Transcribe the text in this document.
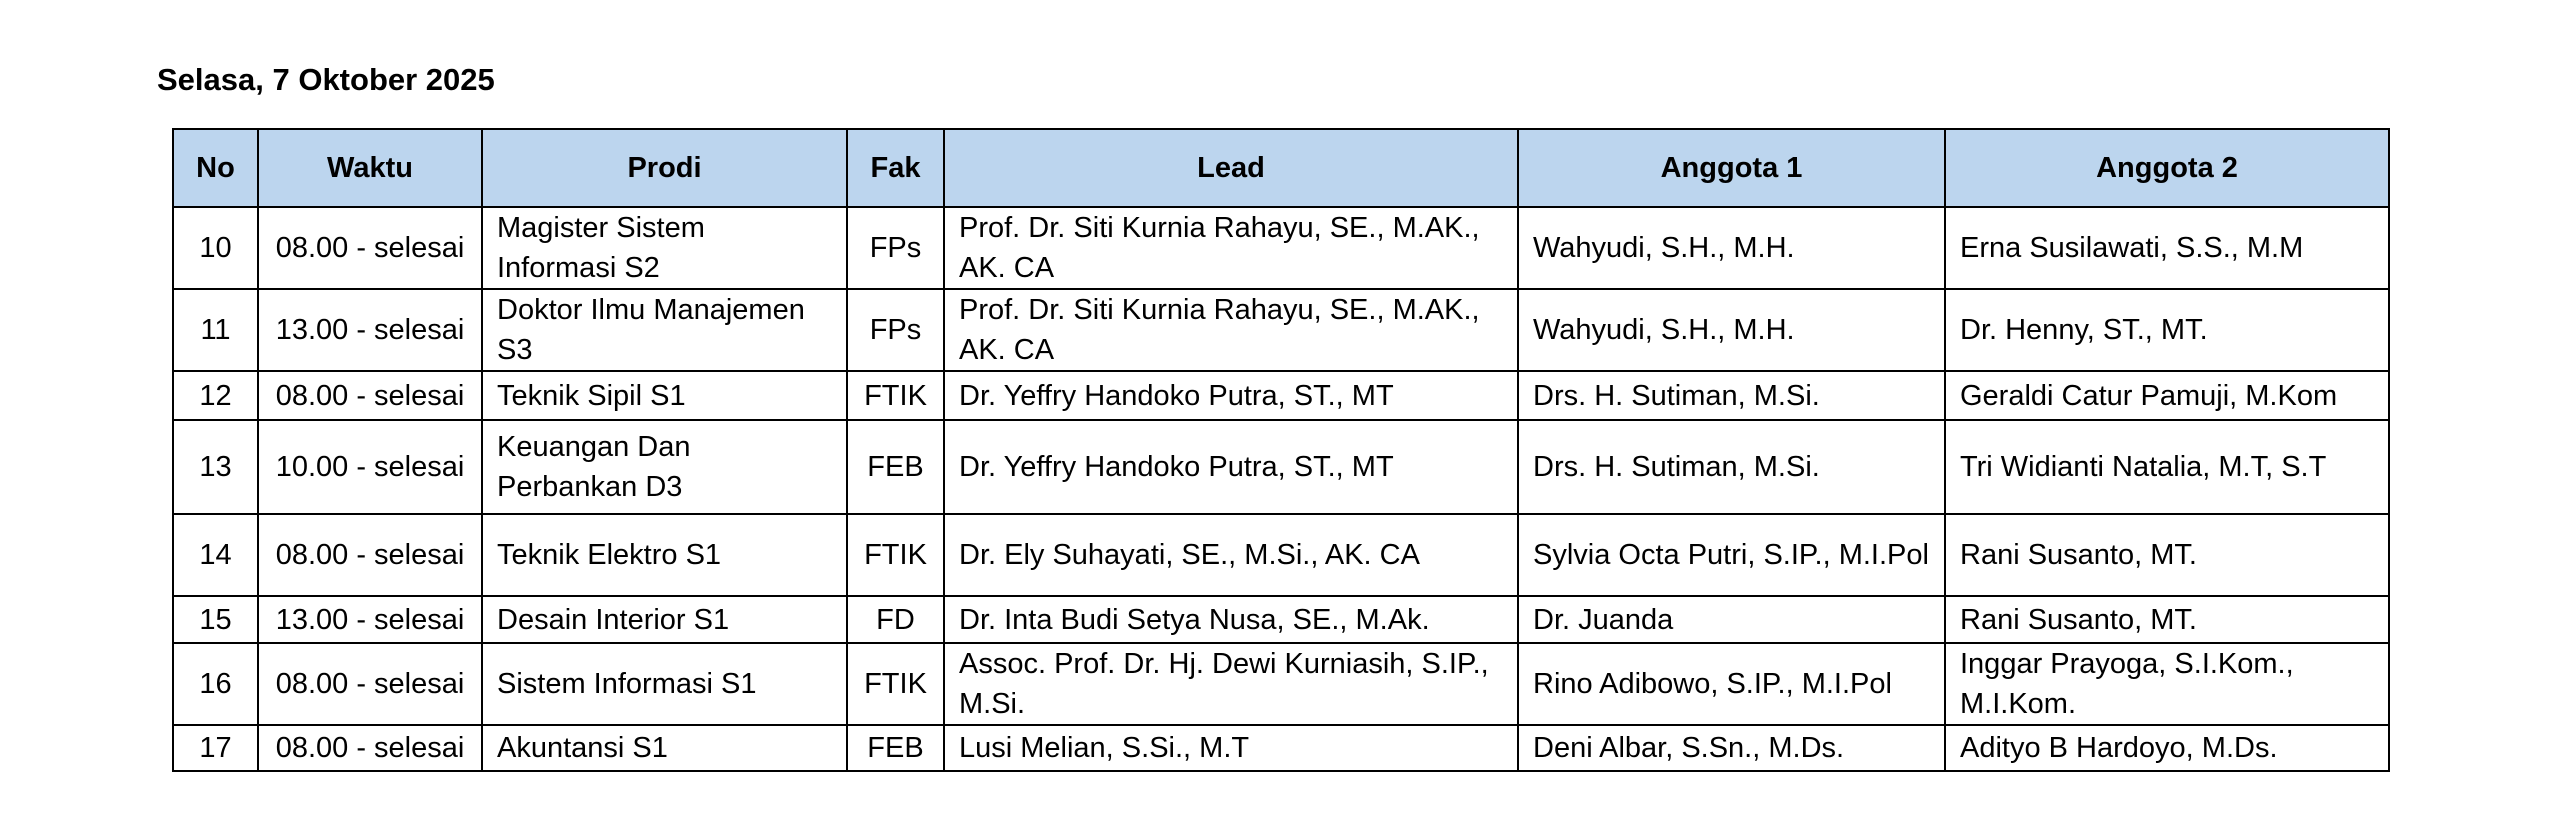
Selasa, 7 Oktober 2025
No	Waktu	Prodi	Fak	Lead	Anggota 1	Anggota 2
10	08.00 - selesai	Magister Sistem Informasi S2	FPs	Prof. Dr. Siti Kurnia Rahayu, SE., M.AK., AK. CA	Wahyudi, S.H., M.H.	Erna Susilawati, S.S., M.M
11	13.00 - selesai	Doktor Ilmu Manajemen S3	FPs	Prof. Dr. Siti Kurnia Rahayu, SE., M.AK., AK. CA	Wahyudi, S.H., M.H.	Dr. Henny, ST., MT.
12	08.00 - selesai	Teknik Sipil S1	FTIK	Dr. Yeffry Handoko Putra, ST., MT	Drs. H. Sutiman, M.Si.	Geraldi Catur Pamuji, M.Kom
13	10.00 - selesai	Keuangan Dan Perbankan D3	FEB	Dr. Yeffry Handoko Putra, ST., MT	Drs. H. Sutiman, M.Si.	Tri Widianti Natalia, M.T, S.T
14	08.00 - selesai	Teknik Elektro S1	FTIK	Dr. Ely Suhayati, SE., M.Si., AK. CA	Sylvia Octa Putri, S.IP., M.I.Pol	Rani Susanto, MT.
15	13.00 - selesai	Desain Interior S1	FD	Dr. Inta Budi Setya Nusa, SE., M.Ak.	Dr. Juanda	Rani Susanto, MT.
16	08.00 - selesai	Sistem Informasi S1	FTIK	Assoc. Prof. Dr. Hj. Dewi Kurniasih, S.IP., M.Si.	Rino Adibowo, S.IP., M.I.Pol	Inggar Prayoga, S.I.Kom., M.I.Kom.
17	08.00 - selesai	Akuntansi S1	FEB	Lusi Melian, S.Si., M.T	Deni Albar, S.Sn., M.Ds.	Adityo B Hardoyo, M.Ds.
